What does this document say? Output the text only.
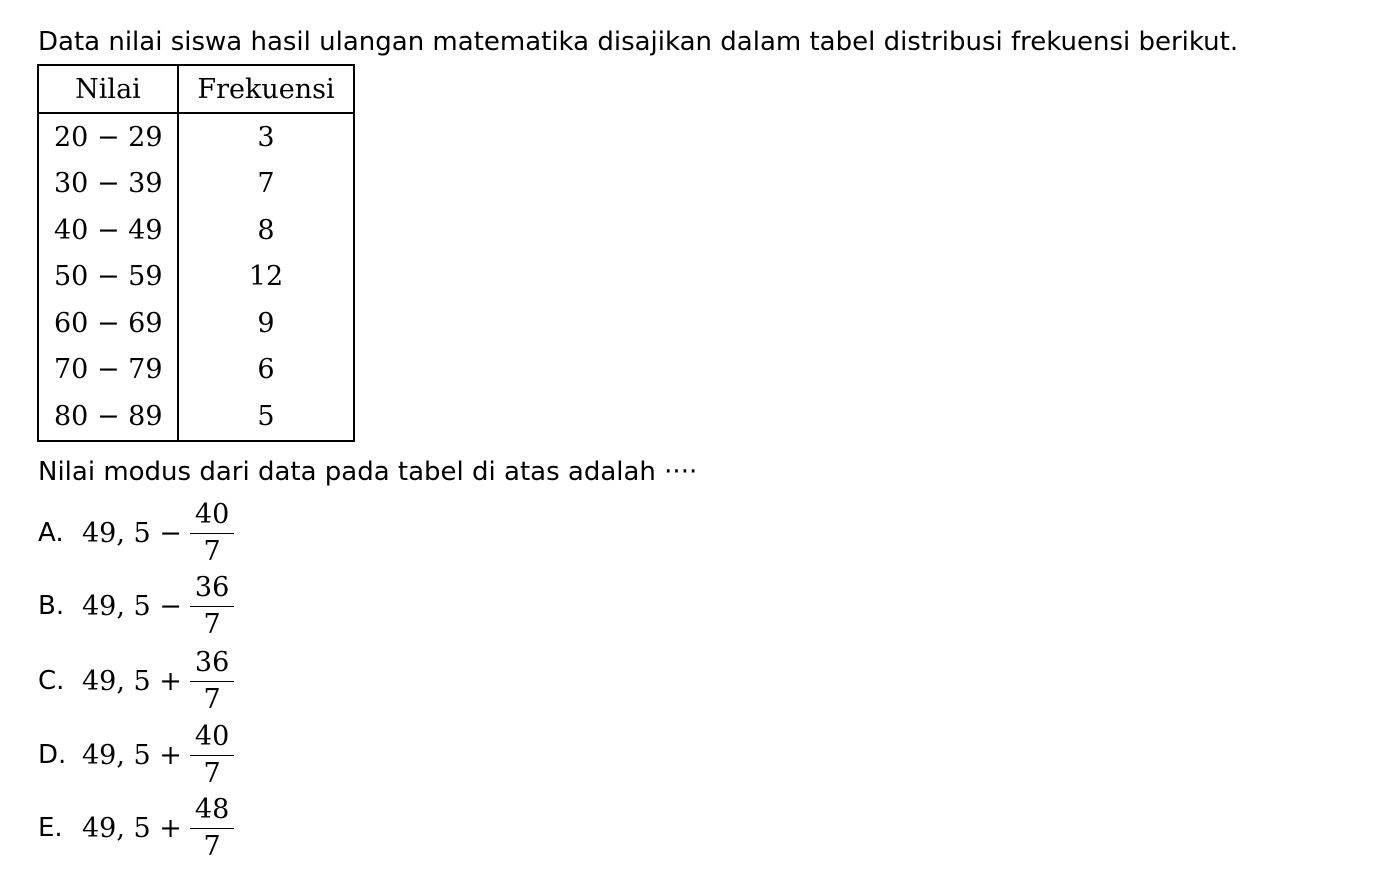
Data nilai siswa hasil ulangan matematika disajikan dalam tabel distribusi frekuensi berikut.
Nilai	Frekuensi
20 − 29	3
30 − 39	7
40 − 49	8
50 − 59	12
60 − 69	9
70 − 79	6
80 − 89	5
Nilai modus dari data pada tabel di atas adalah ····
A. 49, $5 - \frac{40}{7}$
B. 49, $5 - \frac{36}{7}$
C. 49, $5 + \frac{36}{7}$
D. 49, $5 + \frac{40}{7}$
E. 49, $5 + \frac{48}{7}$
